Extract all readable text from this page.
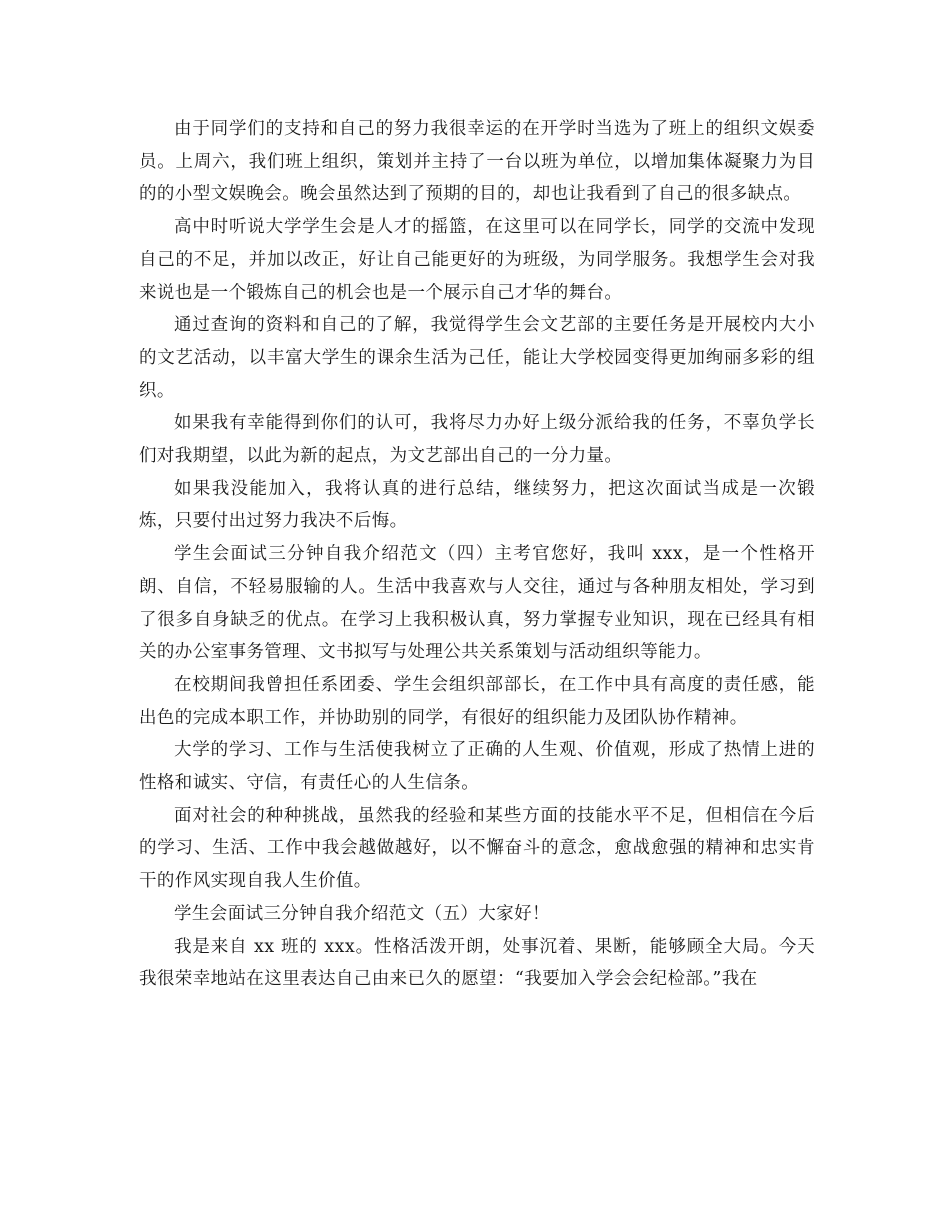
由于同学们的支持和自己的努力我很幸运的在开学时当选为了班上的组织文娱委员。上周六，我们班上组织，策划并主持了一台以班为单位，以增加集体凝聚力为目的的小型文娱晚会。晚会虽然达到了预期的目的，却也让我看到了自己的很多缺点。

高中时听说大学学生会是人才的摇篮，在这里可以在同学长，同学的交流中发现自己的不足，并加以改正，好让自己能更好的为班级，为同学服务。我想学生会对我来说也是一个锻炼自己的机会也是一个展示自己才华的舞台。

通过查询的资料和自己的了解，我觉得学生会文艺部的主要任务是开展校内大小的文艺活动，以丰富大学生的课余生活为己任，能让大学校园变得更加绚丽多彩的组织。

如果我有幸能得到你们的认可，我将尽力办好上级分派给我的任务，不辜负学长们对我期望，以此为新的起点，为文艺部出自己的一分力量。

如果我没能加入，我将认真的进行总结，继续努力，把这次面试当成是一次锻炼，只要付出过努力我决不后悔。

学生会面试三分钟自我介绍范文（四）主考官您好，我叫 xxx，是一个性格开朗、自信，不轻易服输的人。生活中我喜欢与人交往，通过与各种朋友相处，学习到了很多自身缺乏的优点。在学习上我积极认真，努力掌握专业知识，现在已经具有相关的办公室事务管理、文书拟写与处理公共关系策划与活动组织等能力。

在校期间我曾担任系团委、学生会组织部部长，在工作中具有高度的责任感，能出色的完成本职工作，并协助别的同学，有很好的组织能力及团队协作精神。

大学的学习、工作与生活使我树立了正确的人生观、价值观，形成了热情上进的性格和诚实、守信，有责任心的人生信条。

面对社会的种种挑战，虽然我的经验和某些方面的技能水平不足，但相信在今后的学习、生活、工作中我会越做越好，以不懈奋斗的意念，愈战愈强的精神和忠实肯干的作风实现自我人生价值。

学生会面试三分钟自我介绍范文（五）大家好！

我是来自 xx 班的 xxx。性格活泼开朗，处事沉着、果断，能够顾全大局。今天我很荣幸地站在这里表达自己由来已久的愿望：“我要加入学会会纪检部。”我在
